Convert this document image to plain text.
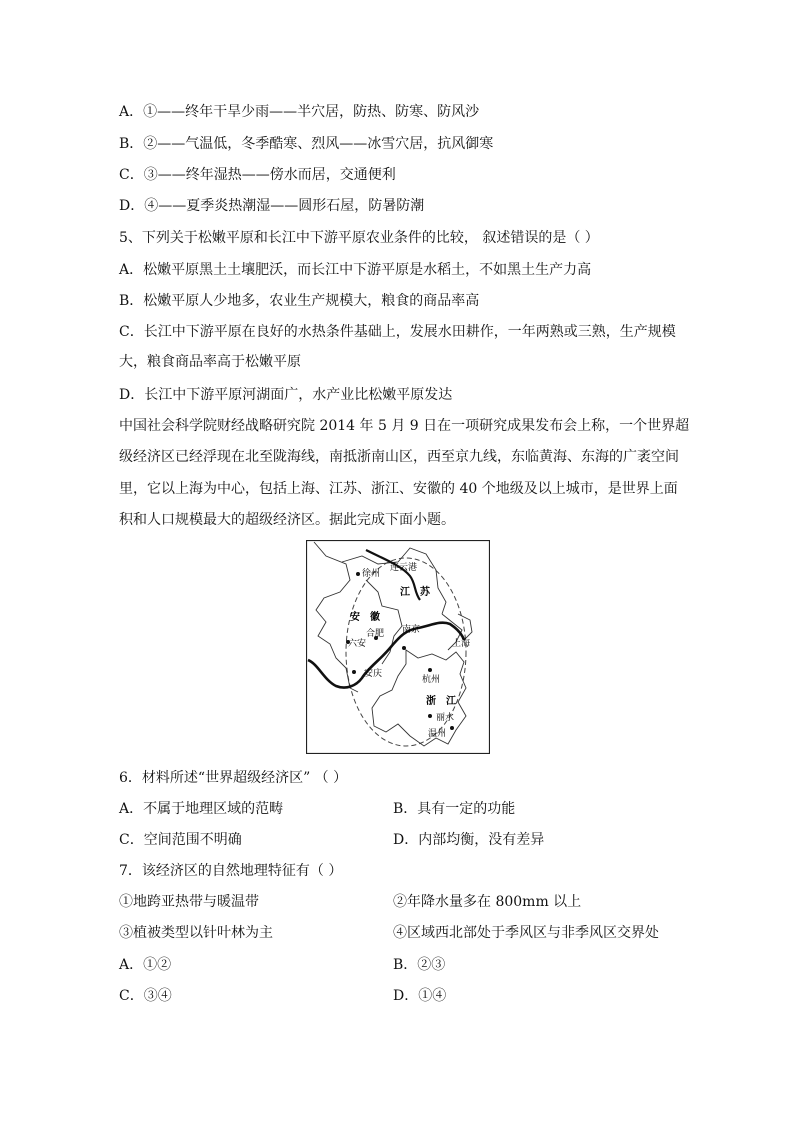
A．①——终年干旱少雨——半穴居，防热、防寒、防风沙
B．②——气温低，冬季酷寒、烈风——冰雪穴居，抗风御寒
C．③——终年湿热——傍水而居，交通便利
D．④——夏季炎热潮湿——圆形石屋，防暑防潮
5、下列关于松嫩平原和长江中下游平原农业条件的比较， 叙述错误的是（ ）
A．松嫩平原黑土土壤肥沃，而长江中下游平原是水稻土，不如黑土生产力高
B．松嫩平原人少地多，农业生产规模大，粮食的商品率高
C．长江中下游平原在良好的水热条件基础上，发展水田耕作，一年两熟或三熟，生产规模
大，粮食商品率高于松嫩平原
D．长江中下游平原河湖面广，水产业比松嫩平原发达
中国社会科学院财经战略研究院 2014 年 5 月 9 日在一项研究成果发布会上称，一个世界超
级经济区已经浮现在北至陇海线，南抵浙南山区，西至京九线，东临黄海、东海的广袤空间
里，它以上海为中心，包括上海、江苏、浙江、安徽的 40 个地级及以上城市，是世界上面
积和人口规模最大的超级经济区。据此完成下面小题。
徐州
连云港
江　苏
安　徽
合肥 南京
六安	上海
安庆
杭州
浙　江
丽水
温州
6．材料所述“世界超级经济区” （ ）
A．不属于地理区域的范畴	B．具有一定的功能
C．空间范围不明确	D．内部均衡，没有差异
7．该经济区的自然地理特征有（ ）
①地跨亚热带与暖温带	②年降水量多在 800mm 以上
③植被类型以针叶林为主	④区域西北部处于季风区与非季风区交界处
A．①②	B．②③
C．③④	D．①④
